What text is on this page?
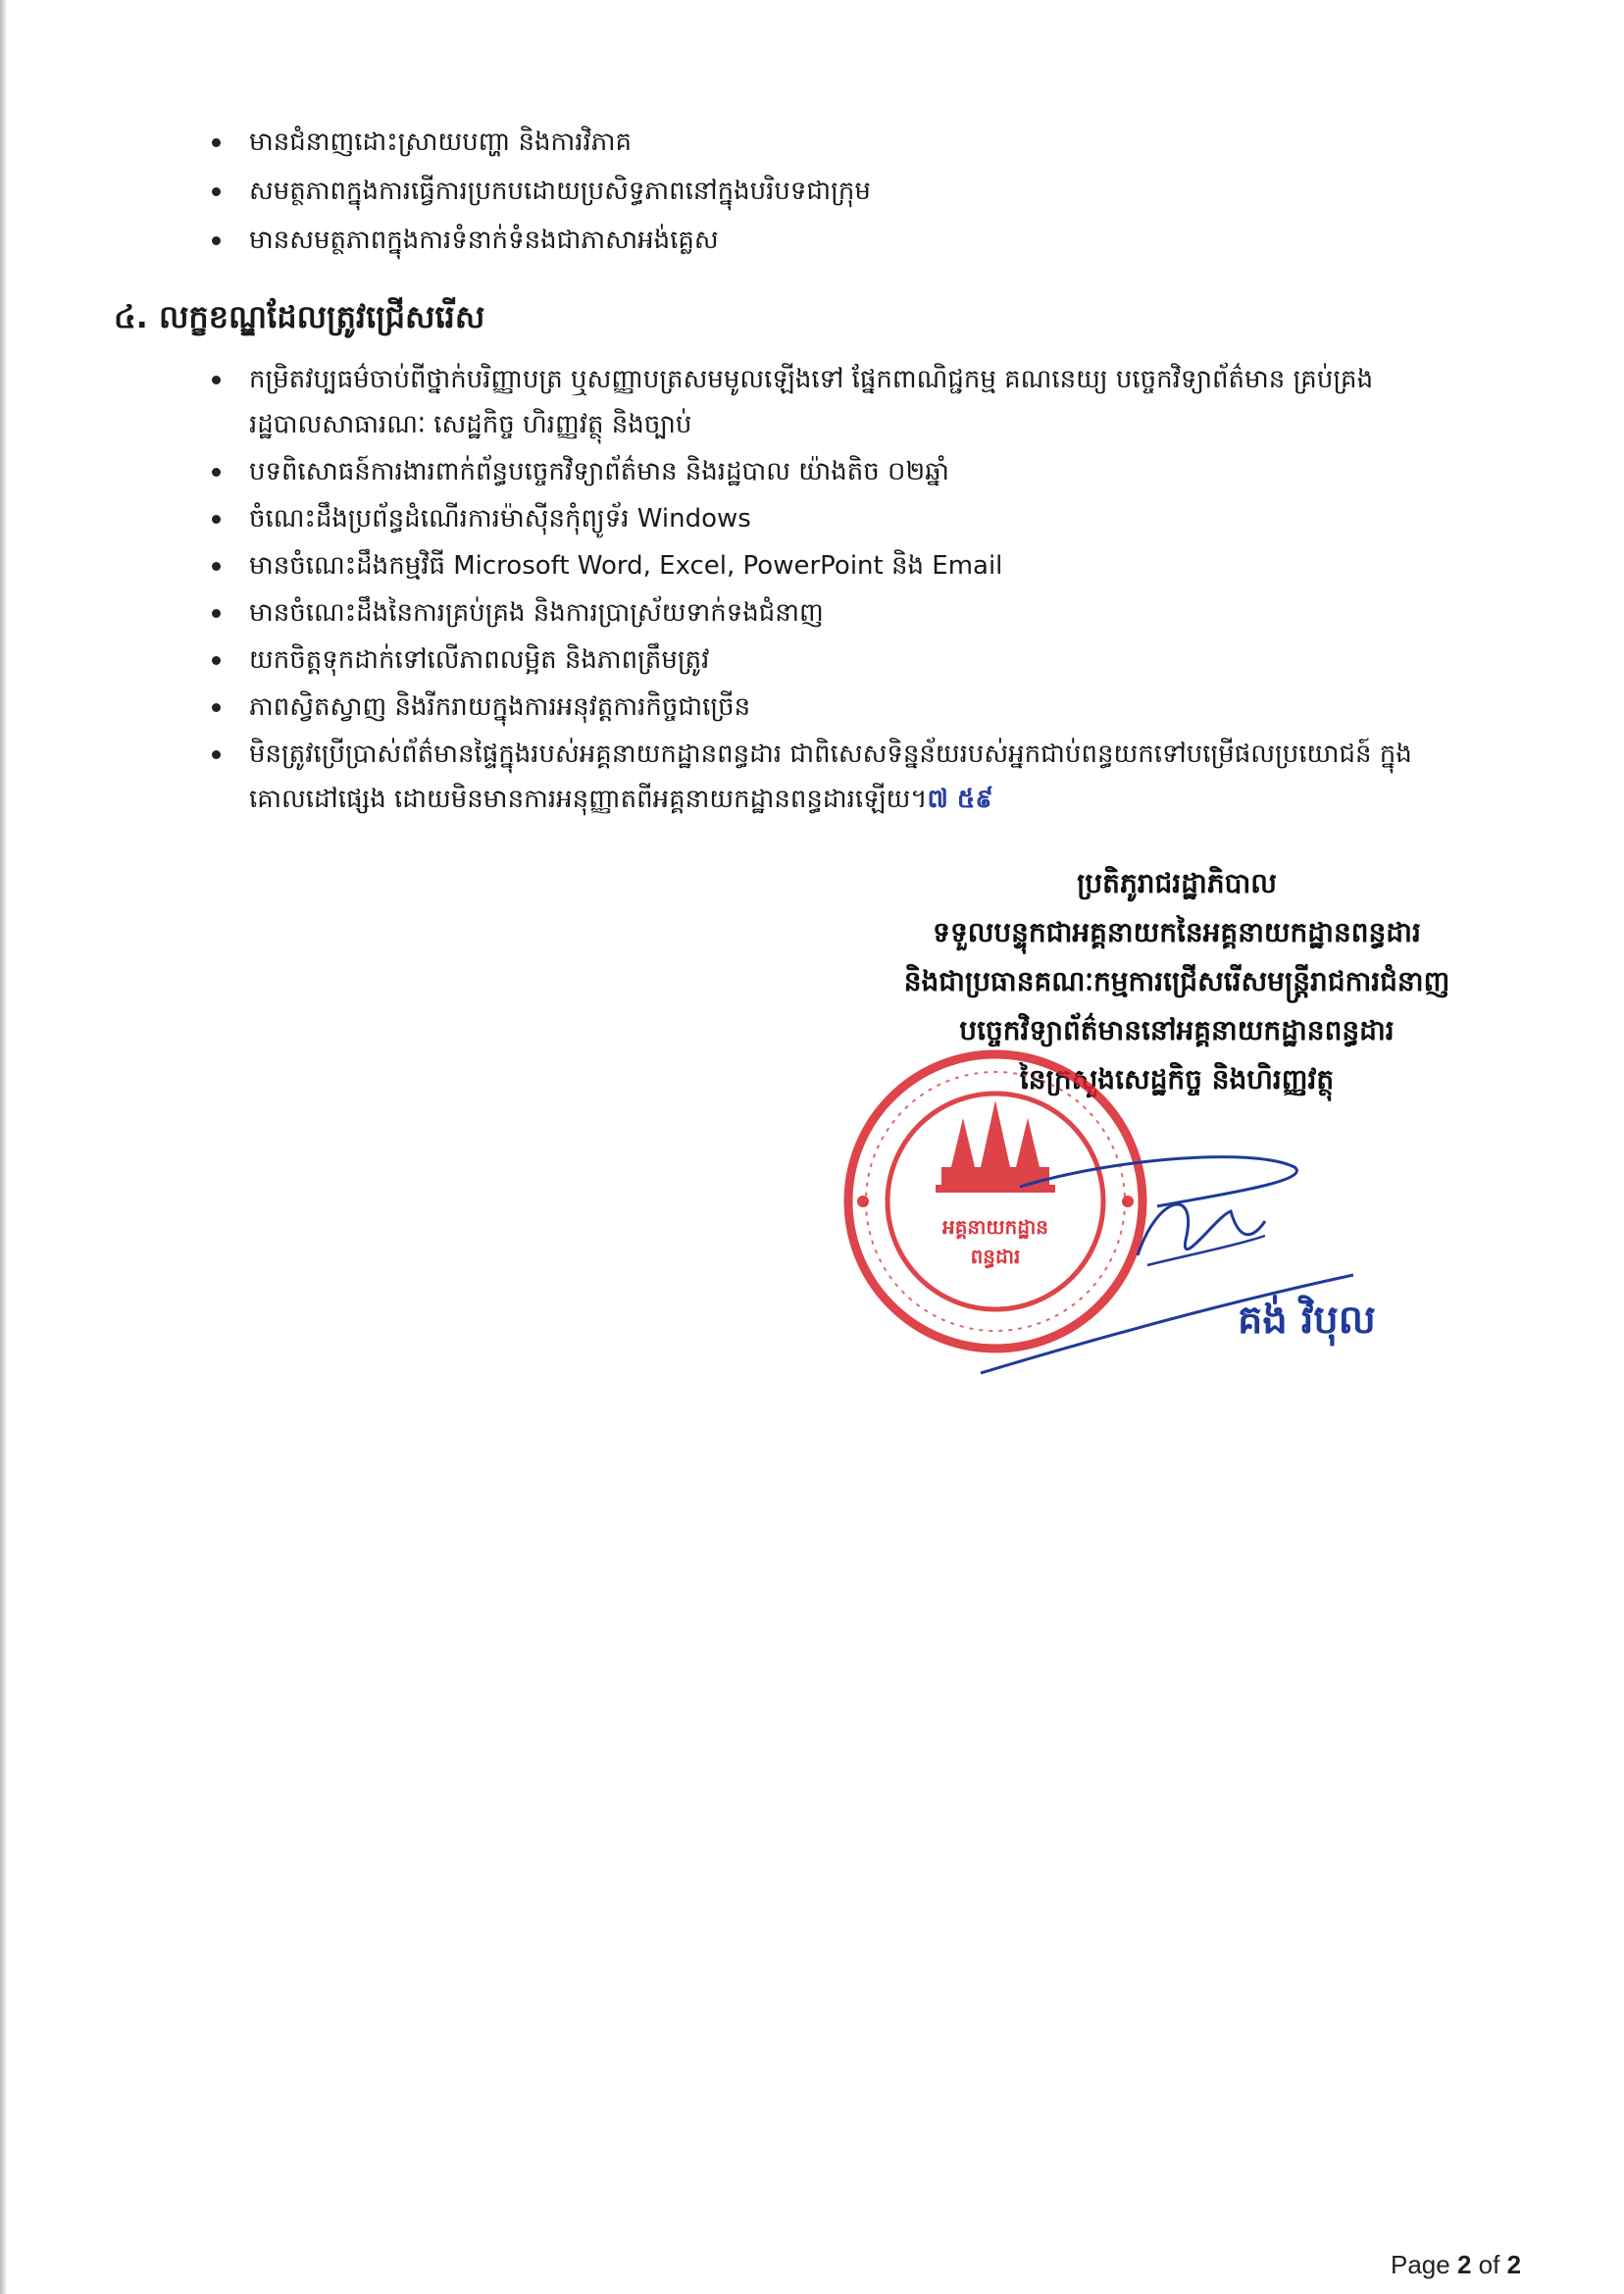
មានជំនាញដោះស្រាយបញ្ហា និងការវិភាគ
សមត្ថភាពក្នុងការធ្វើការប្រកបដោយប្រសិទ្ធភាពនៅក្នុងបរិបទជាក្រុម
មានសមត្ថភាពក្នុងការទំនាក់ទំនងជាភាសាអង់គ្លេស
៤. លក្ខខណ្ឌដែលត្រូវជ្រើសរើស
កម្រិតវប្បធម៌ចាប់ពីថ្នាក់បរិញ្ញាបត្រ ឬសញ្ញាបត្រសមមូលឡើងទៅ ផ្នែកពាណិជ្ជកម្ម គណនេយ្យ បច្ចេកវិទ្យាព័ត៌មាន គ្រប់គ្រង រដ្ឋបាលសាធារណៈ សេដ្ឋកិច្ច ហិរញ្ញវត្ថុ និងច្បាប់
បទពិសោធន៍ការងារពាក់ព័ន្ធបច្ចេកវិទ្យាព័ត៌មាន និងរដ្ឋបាល យ៉ាងតិច ០២ឆ្នាំ
ចំណេះដឹងប្រព័ន្ធដំណើរការម៉ាស៊ីនកុំព្យូទ័រ Windows
មានចំណេះដឹងកម្មវិធី Microsoft Word, Excel, PowerPoint និង Email
មានចំណេះដឹងនៃការគ្រប់គ្រង និងការប្រាស្រ័យទាក់ទងជំនាញ
យកចិត្តទុកដាក់ទៅលើភាពលម្អិត និងភាពត្រឹមត្រូវ
ភាពស្វិតស្វាញ និងរីករាយក្នុងការអនុវត្តការកិច្ចជាច្រើន
មិនត្រូវប្រើប្រាស់ព័ត៌មានផ្ទៃក្នុងរបស់អគ្គនាយកដ្ឋានពន្ធដារ ជាពិសេសទិន្នន័យរបស់អ្នកជាប់ពន្ធយកទៅបម្រើផលប្រយោជន៍ ក្នុងគោលដៅផ្សេង ដោយមិនមានការអនុញ្ញាតពីអគ្គនាយកដ្ឋានពន្ធដារឡើយ។៧ ៥៩
ប្រតិភូរាជរដ្ឋាភិបាល
ទទួលបន្ទុកជាអគ្គនាយកនៃអគ្គនាយកដ្ឋានពន្ធដារ
និងជាប្រធានគណៈកម្មការជ្រើសរើសមន្ត្រីរាជការជំនាញ
បច្ចេកវិទ្យាព័ត៌មាននៅអគ្គនាយកដ្ឋានពន្ធដារ
នៃក្រសួងសេដ្ឋកិច្ច និងហិរញ្ញវត្ថុ
អគ្គនាយកដ្ឋាន
ពន្ធដារ
គង់ វិបុល
Page 2 of 2
